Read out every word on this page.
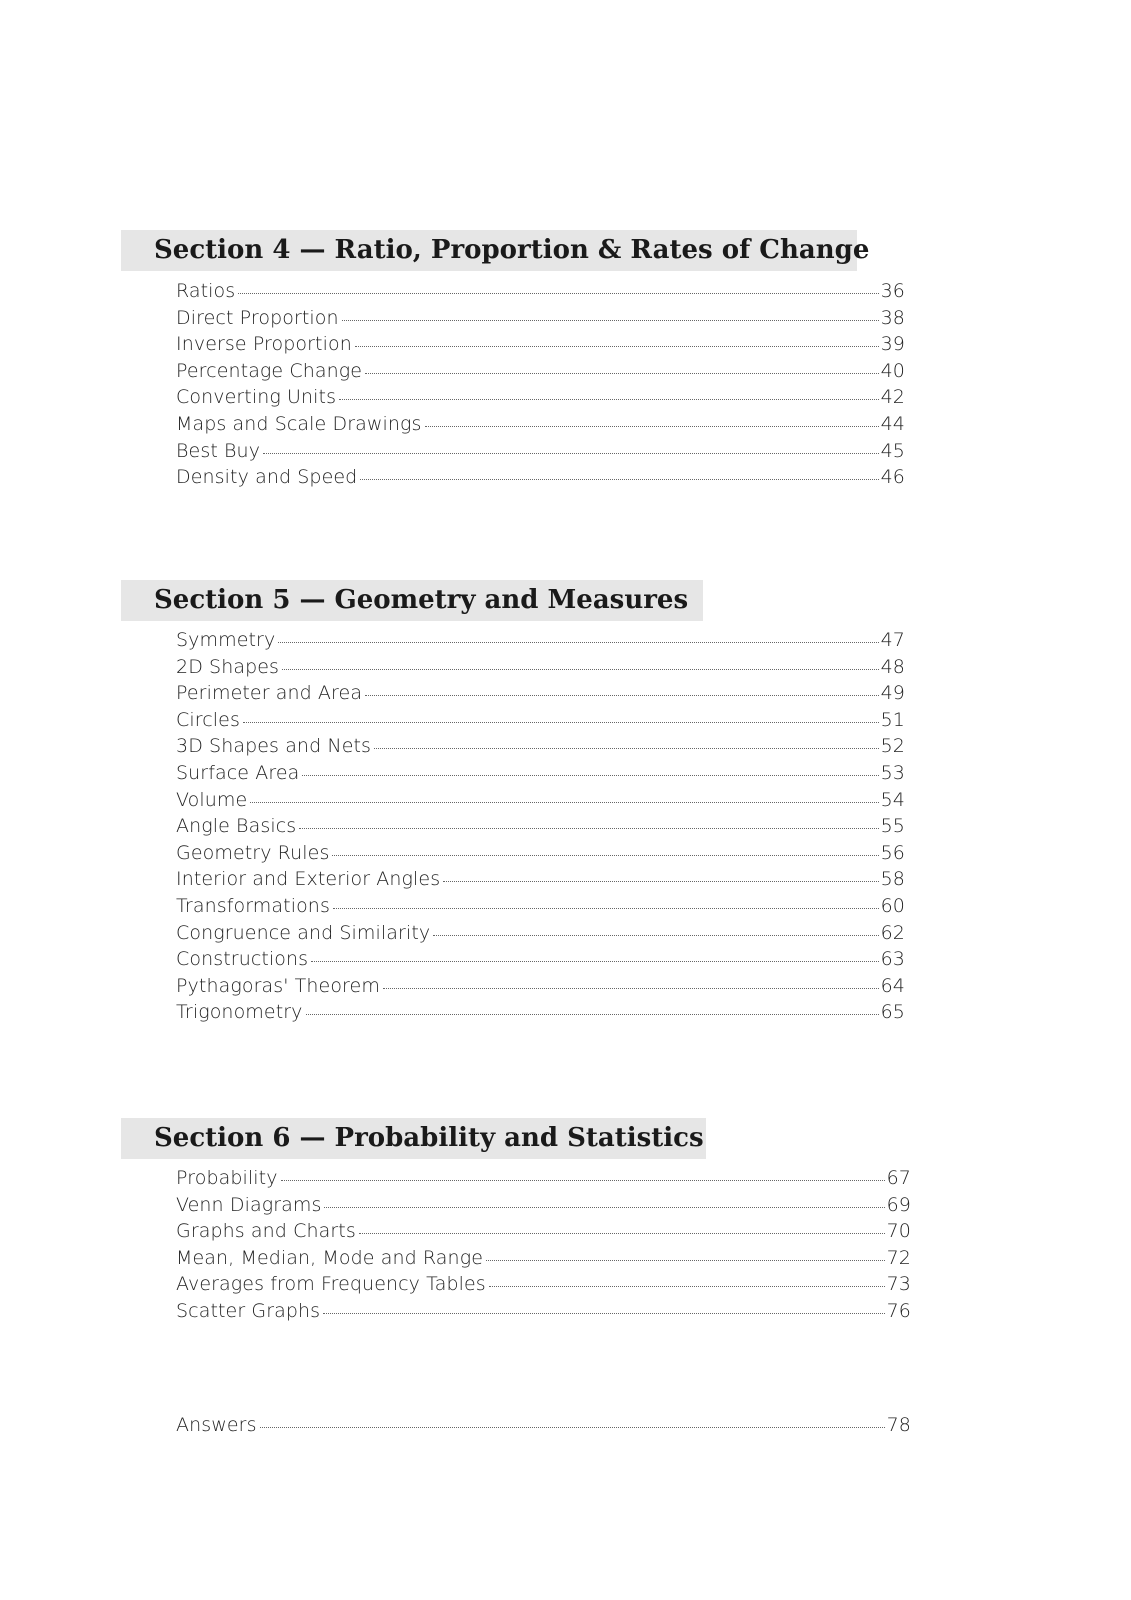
Section 4 — Ratio, Proportion & Rates of Change
Ratios	36
Direct Proportion	38
Inverse Proportion	39
Percentage Change	40
Converting Units	42
Maps and Scale Drawings	44
Best Buy	45
Density and Speed	46
Section 5 — Geometry and Measures
Symmetry	47
2D Shapes	48
Perimeter and Area	49
Circles	51
3D Shapes and Nets	52
Surface Area	53
Volume	54
Angle Basics	55
Geometry Rules	56
Interior and Exterior Angles	58
Transformations	60
Congruence and Similarity	62
Constructions	63
Pythagoras' Theorem	64
Trigonometry	65
Section 6 — Probability and Statistics
Probability	67
Venn Diagrams	69
Graphs and Charts	70
Mean, Median, Mode and Range	72
Averages from Frequency Tables	73
Scatter Graphs	76
Answers	78
